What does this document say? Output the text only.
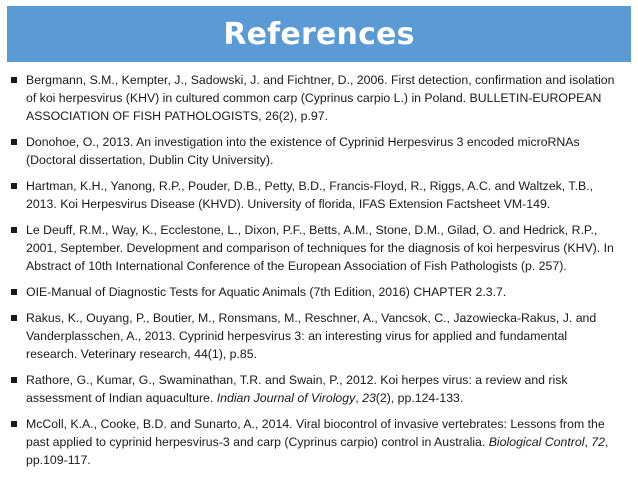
References
Bergmann, S.M., Kempter, J., Sadowski, J. and Fichtner, D., 2006. First detection, confirmation and isolation of koi herpesvirus (KHV) in cultured common carp (Cyprinus carpio L.) in Poland. BULLETIN-EUROPEAN ASSOCIATION OF FISH PATHOLOGISTS, 26(2), p.97.
Donohoe, O., 2013. An investigation into the existence of Cyprinid Herpesvirus 3 encoded microRNAs (Doctoral dissertation, Dublin City University).
Hartman, K.H., Yanong, R.P., Pouder, D.B., Petty, B.D., Francis-Floyd, R., Riggs, A.C. and Waltzek, T.B., 2013. Koi Herpesvirus Disease (KHVD). University of florida, IFAS Extension Factsheet VM-149.
Le Deuff, R.M., Way, K., Ecclestone, L., Dixon, P.F., Betts, A.M., Stone, D.M., Gilad, O. and Hedrick, R.P., 2001, September. Development and comparison of techniques for the diagnosis of koi herpesvirus (KHV). In Abstract of 10th International Conference of the European Association of Fish Pathologists (p. 257).
OIE-Manual of Diagnostic Tests for Aquatic Animals (7th Edition, 2016) CHAPTER 2.3.7.
Rakus, K., Ouyang, P., Boutier, M., Ronsmans, M., Reschner, A., Vancsok, C., Jazowiecka-Rakus, J. and Vanderplasschen, A., 2013. Cyprinid herpesvirus 3: an interesting virus for applied and fundamental research. Veterinary research, 44(1), p.85.
Rathore, G., Kumar, G., Swaminathan, T.R. and Swain, P., 2012. Koi herpes virus: a review and risk assessment of Indian aquaculture. Indian Journal of Virology, 23(2), pp.124-133.
McColl, K.A., Cooke, B.D. and Sunarto, A., 2014. Viral biocontrol of invasive vertebrates: Lessons from the past applied to cyprinid herpesvirus-3 and carp (Cyprinus carpio) control in Australia. Biological Control, 72, pp.109-117.
